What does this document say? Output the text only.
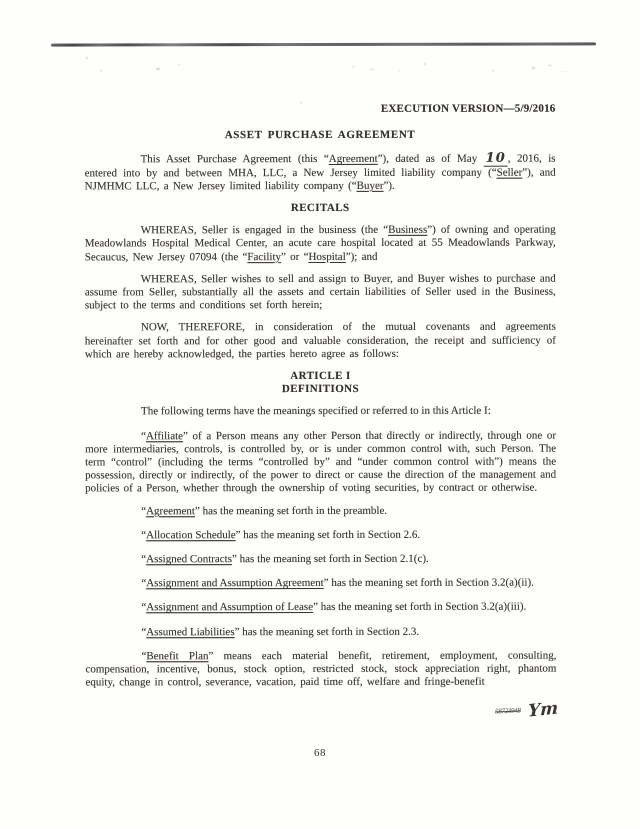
...

EXECUTION VERSION—5/9/2016

ASSET PURCHASE AGREEMENT

This Asset Purchase Agreement (this “Agreement”), dated as of May 10 , 2016, is entered into by and between MHA, LLC, a New Jersey limited liability company (“Seller”), and NJMHMC LLC, a New Jersey limited liability company (“Buyer”).

RECITALS

WHEREAS, Seller is engaged in the business (the “Business”) of owning and operating Meadowlands Hospital Medical Center, an acute care hospital located at 55 Meadowlands Parkway, Secaucus, New Jersey 07094 (the “Facility” or “Hospital”); and

WHEREAS, Seller wishes to sell and assign to Buyer, and Buyer wishes to purchase and assume from Seller, substantially all the assets and certain liabilities of Seller used in the Business, subject to the terms and conditions set forth herein;

NOW, THEREFORE, in consideration of the mutual covenants and agreements hereinafter set forth and for other good and valuable consideration, the receipt and sufficiency of which are hereby acknowledged, the parties hereto agree as follows:

ARTICLE I

DEFINITIONS

The following terms have the meanings specified or referred to in this Article I:

“Affiliate” of a Person means any other Person that directly or indirectly, through one or more intermediaries, controls, is controlled by, or is under common control with, such Person. The term “control” (including the terms “controlled by” and “under common control with”) means the possession, directly or indirectly, of the power to direct or cause the direction of the management and policies of a Person, whether through the ownership of voting securities, by contract or otherwise.

“Agreement” has the meaning set forth in the preamble.

“Allocation Schedule” has the meaning set forth in Section 2.6.

“Assigned Contracts” has the meaning set forth in Section 2.1(c).

“Assignment and Assumption Agreement” has the meaning set forth in Section 3.2(a)(ii).

“Assignment and Assumption of Lease” has the meaning set forth in Section 3.2(a)(iii).

“Assumed Liabilities” has the meaning set forth in Section 2.3.

“Benefit Plan” means each material benefit, retirement, employment, consulting, compensation, incentive, bonus, stock option, restricted stock, stock appreciation right, phantom equity, change in control, severance, vacation, paid time off, welfare and fringe-benefit

58723948 Ym
68
